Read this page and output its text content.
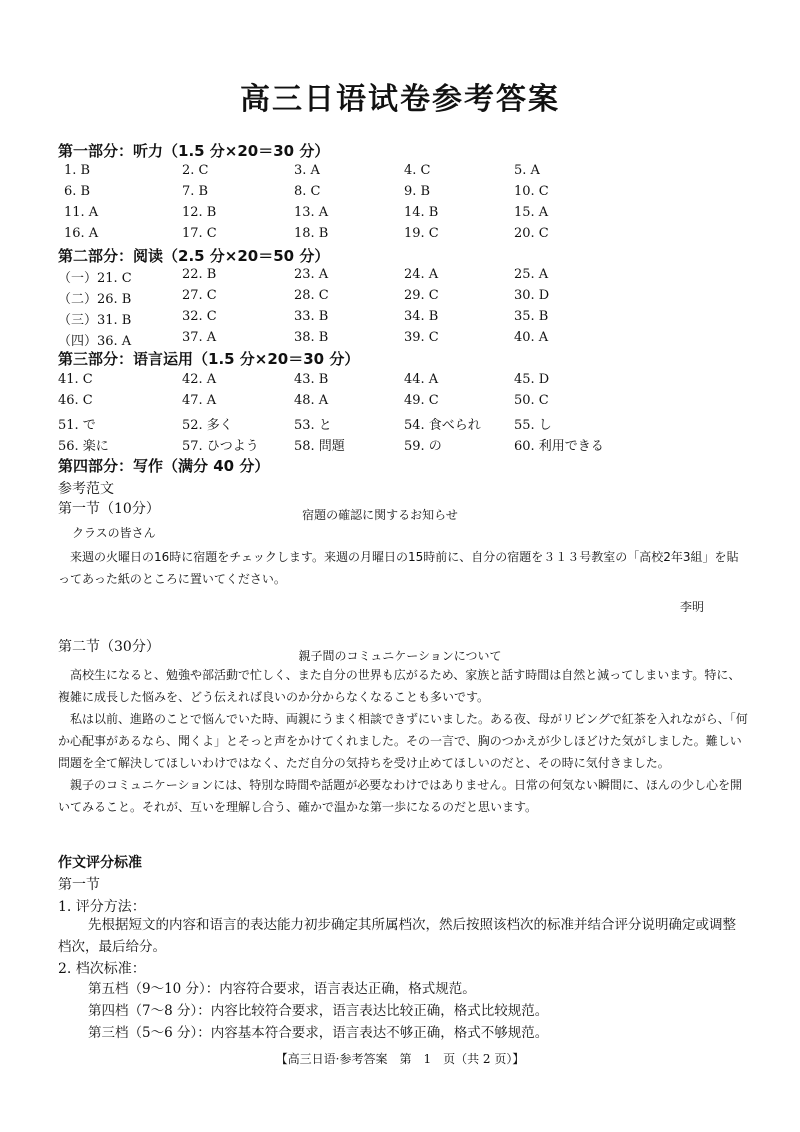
高三日语试卷参考答案
第一部分：听力（1.5 分×20＝30 分）
1. B	2. C	3. A	4. C	5. A
6. B	7. B	8. C	9. B	10. C
11. A	12. B	13. A	14. B	15. A
16. A	17. C	18. B	19. C	20. C
第二部分：阅读（2.5 分×20＝50 分）
（一）21. C	22. B	23. A	24. A	25. A
（二）26. B	27. C	28. C	29. C	30. D
（三）31. B	32. C	33. B	34. B	35. B
（四）36. A	37. A	38. B	39. C	40. A
第三部分：语言运用（1.5 分×20＝30 分）
41. C	42. A	43. B	44. A	45. D
46. C	47. A	48. A	49. C	50. C
51. で	52. 多く	53. と	54. 食べられ	55. し
56. 楽に	57. ひつよう	58. 問題	59. の	60. 利用できる
第四部分：写作（满分 40 分）
参考范文
第一节（10分）	宿題の確認に関するお知らせ
クラスの皆さん

来週の火曜日の16時に宿題をチェックします。来週の月曜日の15時前に、自分の宿題を３１３号教室の「高校2年3組」を貼ってあった紙のところに置いてください。

李明
第二节（30分）
親子間のコミュニケーションについて

高校生になると、勉強や部活動で忙しく、また自分の世界も広がるため、家族と話す時間は自然と減ってしまいます。特に、複雑に成長した悩みを、どう伝えれば良いのか分からなくなることも多いです。

私は以前、進路のことで悩んでいた時、両親にうまく相談できずにいました。ある夜、母がリビングで紅茶を入れながら、「何か心配事があるなら、聞くよ」とそっと声をかけてくれました。その一言で、胸のつかえが少しほどけた気がしました。難しい問題を全て解決してほしいわけではなく、ただ自分の気持ちを受け止めてほしいのだと、その時に気付きました。

親子のコミュニケーションには、特別な時間や話題が必要なわけではありません。日常の何気ない瞬間に、ほんの少し心を開いてみること。それが、互いを理解し合う、確かで温かな第一歩になるのだと思います。

作文评分标准
第一节
1. 评分方法：
先根据短文的内容和语言的表达能力初步确定其所属档次，然后按照该档次的标准并结合评分说明确定或调整档次，最后给分。
2. 档次标准：
第五档（9～10 分）：内容符合要求，语言表达正确，格式规范。
第四档（7～8 分）：内容比较符合要求，语言表达比较正确，格式比较规范。
第三档（5～6 分）：内容基本符合要求，语言表达不够正确，格式不够规范。
【高三日语·参考答案　第　1　页（共 2 页）】
